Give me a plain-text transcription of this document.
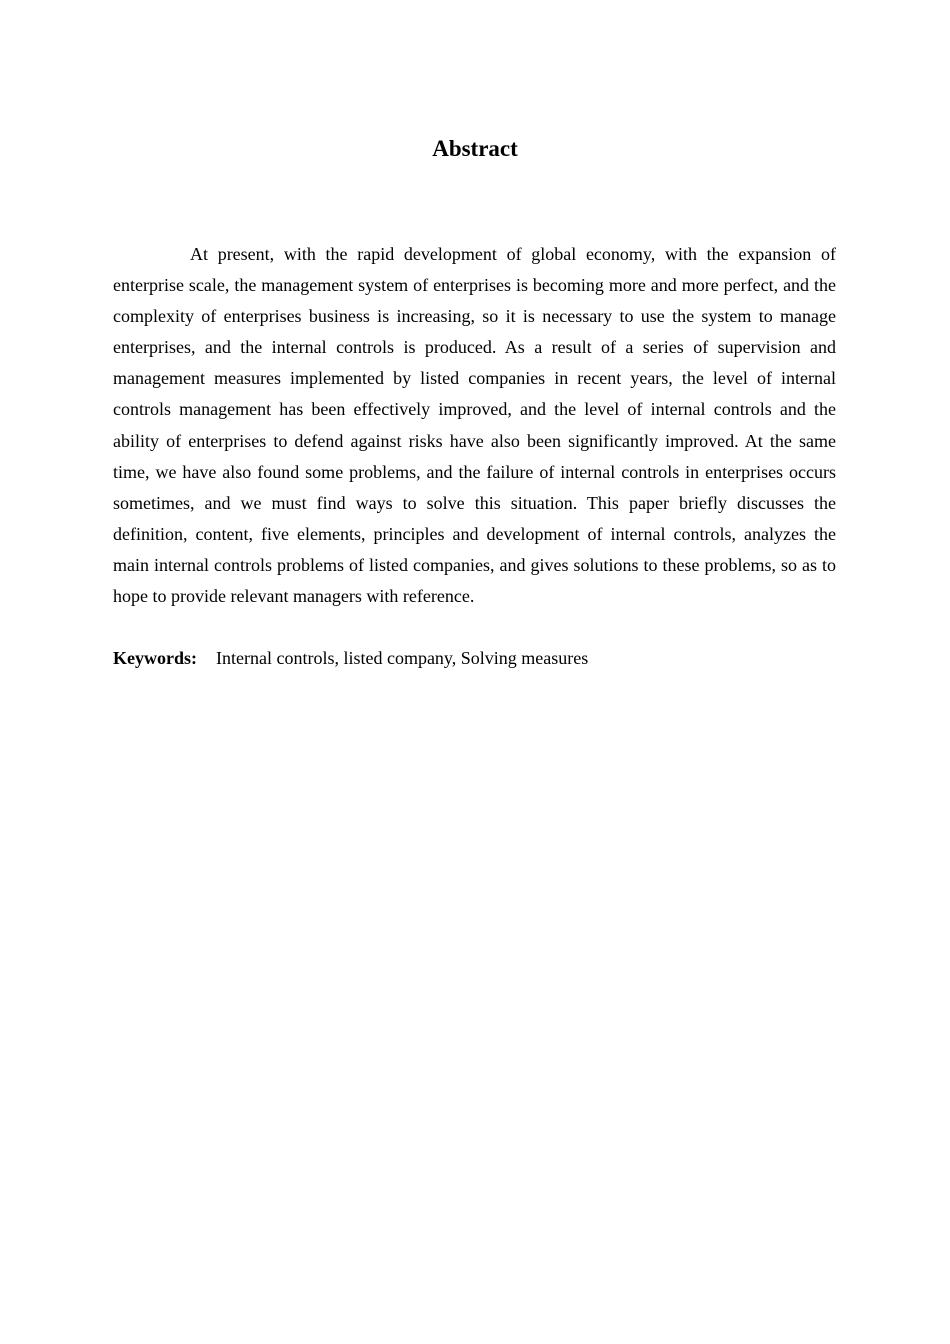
Abstract

At present, with the rapid development of global economy, with the expansion of enterprise scale, the management system of enterprises is becoming more and more perfect, and the complexity of enterprises business is increasing, so it is necessary to use the system to manage enterprises, and the internal controls is produced. As a result of a series of supervision and management measures implemented by listed companies in recent years, the level of internal controls management has been effectively improved, and the level of internal controls and the ability of enterprises to defend against risks have also been significantly improved. At the same time, we have also found some problems, and the failure of internal controls in enterprises occurs sometimes, and we must find ways to solve this situation. This paper briefly discusses the definition, content, five elements, principles and development of internal controls, analyzes the main internal controls problems of listed companies, and gives solutions to these problems, so as to hope to provide relevant managers with reference.

Keywords: Internal controls, listed company, Solving measures
